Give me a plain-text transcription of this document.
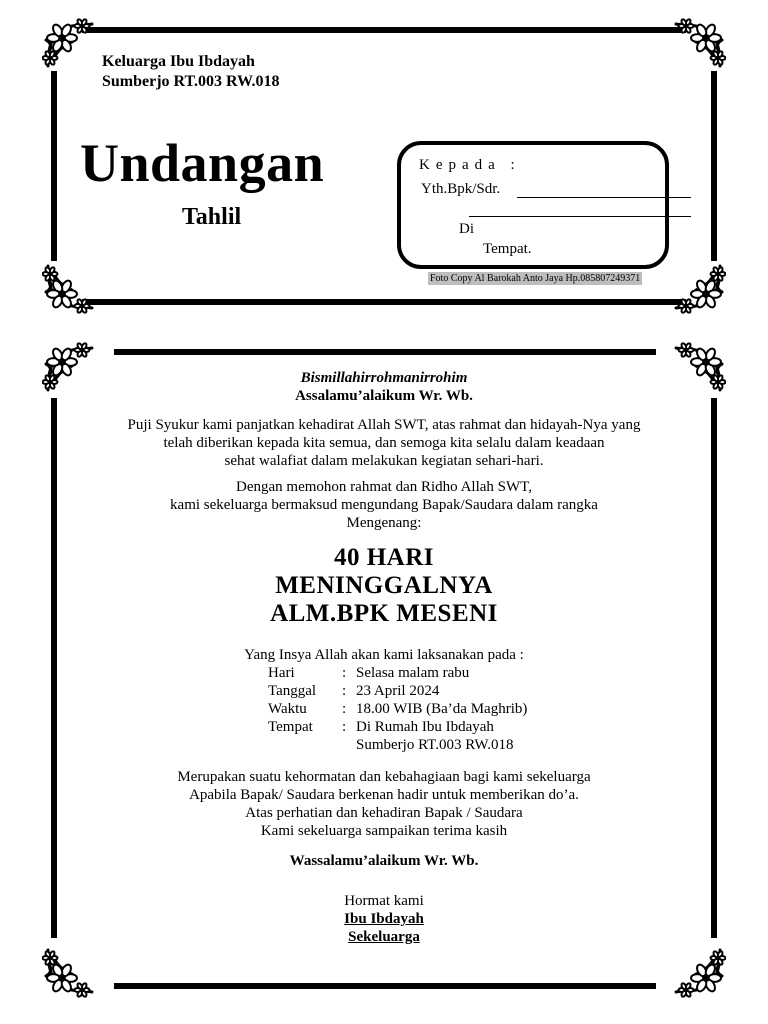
Keluarga Ibu Ibdayah
Sumberjo RT.003 RW.018
Undangan
Tahlil
Kepada :
Yth.Bpk/Sdr.
Di
Tempat.
Foto Copy Al Barokah Anto Jaya Hp.085807249371
Bismillahirrohmanirrohim
Assalamu’alaikum Wr. Wb.
Puji Syukur kami panjatkan kehadirat Allah SWT, atas rahmat dan hidayah-Nya yang
telah diberikan kepada kita semua, dan semoga kita selalu dalam keadaan
sehat walafiat dalam melakukan kegiatan sehari-hari.
Dengan memohon rahmat dan Ridho Allah SWT,
kami sekeluarga bermaksud mengundang Bapak/Saudara dalam rangka
Mengenang:
40 HARI
MENINGGALNYA
ALM.BPK MESENI
Yang Insya Allah akan kami laksanakan pada :
Hari	: Selasa malam rabu
Tanggal : 23 April 2024
Waktu : 18.00 WIB (Ba’da Maghrib)
Tempat : Di Rumah Ibu Ibdayah
Sumberjo RT.003 RW.018
Merupakan suatu kehormatan dan kebahagiaan bagi kami sekeluarga
Apabila Bapak/ Saudara berkenan hadir untuk memberikan do’a.
Atas perhatian dan kehadiran Bapak / Saudara
Kami sekeluarga sampaikan terima kasih
Wassalamu’alaikum Wr. Wb.
Hormat kami
Ibu Ibdayah
Sekeluarga
